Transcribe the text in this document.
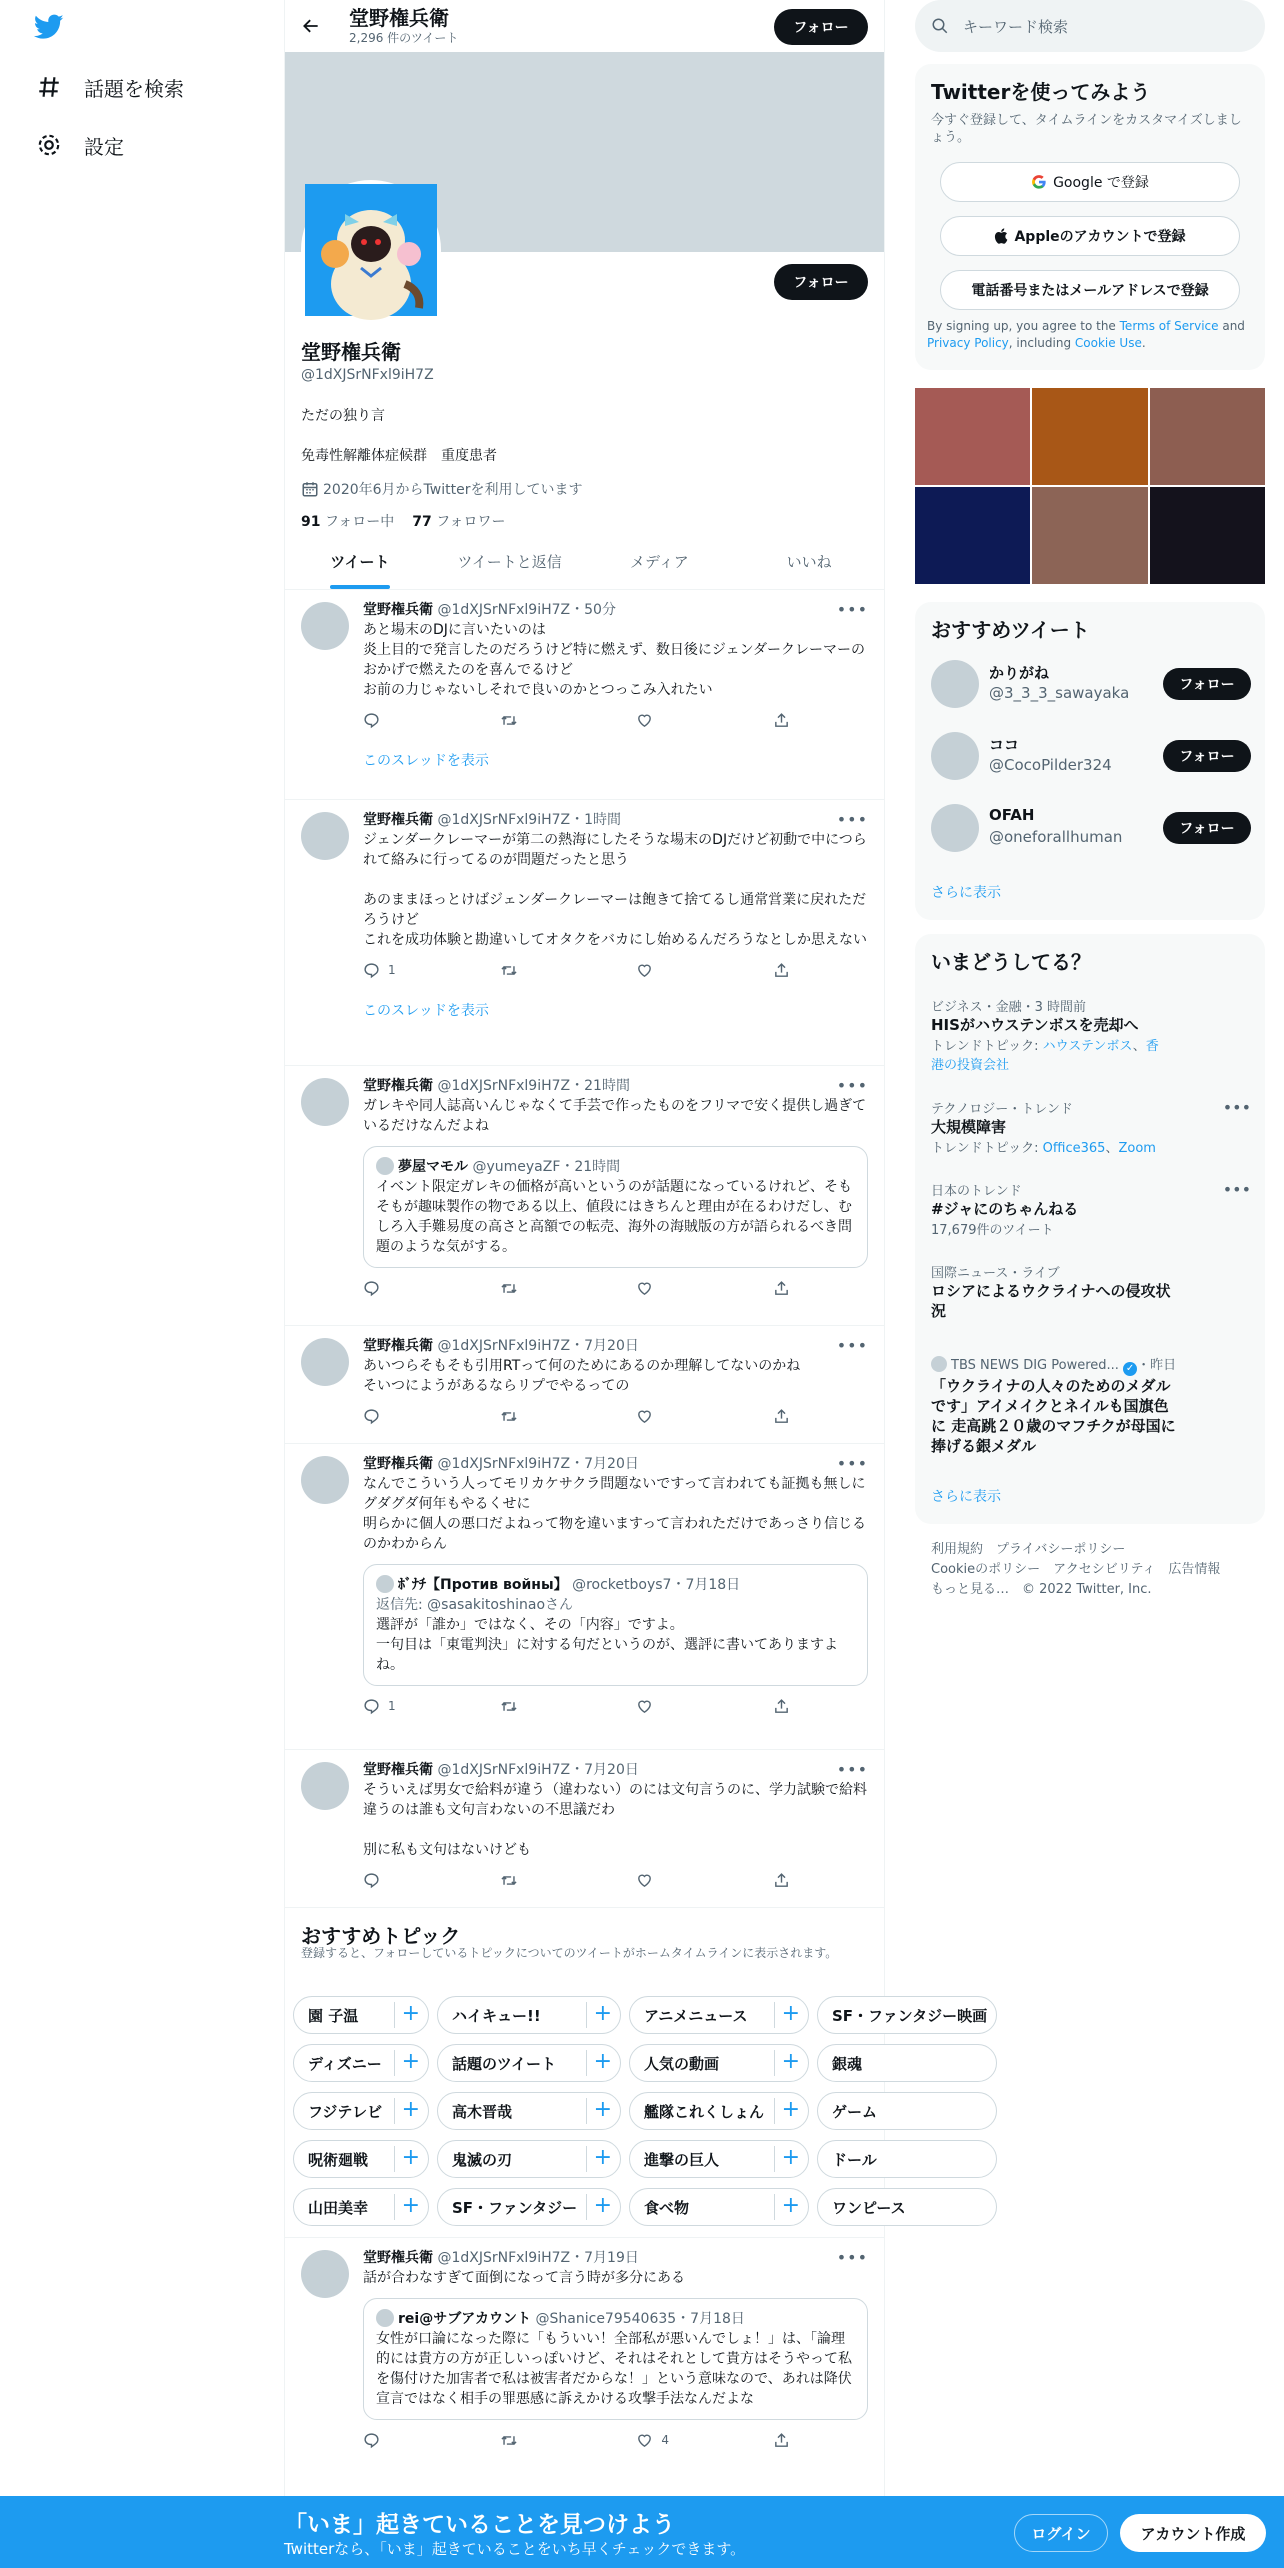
話題を検索
設定
堂野権兵衛
2,296 件のツイート
フォロー
フォロー
堂野権兵衛
@1dXJSrNFxl9iH7Z
ただの独り言
免毒性解離体症候群　重度患者
2020年6月からTwitterを利用しています
91 フォロー中 77 フォロワー
ツイート	ツイートと返信	メディア	いいね
•••
堂野権兵衛 @1dXJSrNFxl9iH7Z・50分
あと場末のDJに言いたいのは
炎上目的で発言したのだろうけど特に燃えず、数日後にジェンダークレーマーのおかげで燃えたのを喜んでるけど
お前の力じゃないしそれで良いのかとつっこみ入れたい
このスレッドを表示
•••
堂野権兵衛 @1dXJSrNFxl9iH7Z・1時間
ジェンダークレーマーが第二の熱海にしたそうな場末のDJだけど初動で中につられて絡みに行ってるのが問題だったと思う

あのままほっとけばジェンダークレーマーは飽きて捨てるし通常営業に戻れただろうけど
これを成功体験と勘違いしてオタクをバカにし始めるんだろうなとしか思えない
1
このスレッドを表示
•••
堂野権兵衛 @1dXJSrNFxl9iH7Z・21時間
ガレキや同人誌高いんじゃなくて手芸で作ったものをフリマで安く提供し過ぎているだけなんだよね
夢屋マモル @yumeyaZF・21時間
イベント限定ガレキの価格が高いというのが話題になっているけれど、そもそもが趣味製作の物である以上、値段にはきちんと理由が在るわけだし、むしろ入手難易度の高さと高額での転売、海外の海賊版の方が語られるべき問題のような気がする。
•••
堂野権兵衛 @1dXJSrNFxl9iH7Z・7月20日
あいつらそもそも引用RTって何のためにあるのか理解してないのかね
そいつにようがあるならリプでやるっての
•••
堂野権兵衛 @1dXJSrNFxl9iH7Z・7月20日
なんでこういう人ってモリカケサクラ問題ないですって言われても証拠も無しにグダグダ何年もやるくせに
明らかに個人の悪口だよねって物を違いますって言われただけであっさり信じるのかわからん
ﾎﾞﾅﾁ【Против войны】 @rocketboys7・7月18日
返信先: @sasakitoshinaoさん
選評が「誰か」ではなく、その「内容」ですよ。
一句目は「東電判決」に対する句だというのが、選評に書いてありますよね。
1
•••
堂野権兵衛 @1dXJSrNFxl9iH7Z・7月20日
そういえば男女で給料が違う（違わない）のには文句言うのに、学力試験で給料違うのは誰も文句言わないの不思議だわ

別に私も文句はないけども
おすすめトピック
登録すると、フォローしているトピックについてのツイートがホームタイムラインに表示されます。
園 子温	+ ハイキュー!!	+ アニメニュース	+ SF・ファンタジー映画
ディズニー + 話題のツイート	+ 人気の動画	+ 銀魂
フジテレビ + 高木晋哉	+ 艦隊これくしょん + ゲーム
呪術廻戦	+ 鬼滅の刃	+ 進撃の巨人	+ ドール
山田美幸	+ SF・ファンタジー + 食べ物	+ ワンピース
•••
堂野権兵衛 @1dXJSrNFxl9iH7Z・7月19日
話が合わなすぎて面倒になって言う時が多分にある
rei@サブアカウント @Shanice79540635・7月18日
女性が口論になった際に「もういい！全部私が悪いんでしょ！」は、「論理的には貴方の方が正しいっぽいけど、それはそれとして貴方はそうやって私を傷付けた加害者で私は被害者だからな！」という意味なので、あれは降伏宣言ではなく相手の罪悪感に訴えかける攻撃手法なんだよな
4
キーワード検索
Twitterを使ってみよう
今すぐ登録して、タイムラインをカスタマイズしましょう。
Google で登録
Appleのアカウントで登録
電話番号またはメールアドレスで登録
By signing up, you agree to the Terms of Service and Privacy Policy, including Cookie Use.
おすすめツイート
かりがね
@3_3_3_sawayaka	フォロー
ココ
@CocoPilder324	フォロー
OFAH
@oneforallhuman	フォロー
さらに表示
いまどうしてる？
ビジネス・金融・3 時間前
HISがハウステンボスを売却へ
トレンドトピック: ハウステンボス、香港の投資会社
•••
テクノロジー・トレンド
大規模障害
トレンドトピック: Office365、Zoom
•••
日本のトレンド
#ジャにのちゃんねる
17,679件のツイート
国際ニュース・ライブ
ロシアによるウクライナへの侵攻状況
TBS NEWS DIG Powered... ✓ ・昨日
「ウクライナの人々のためのメダルです」アイメイクとネイルも国旗色に 走高跳２０歳のマフチクが母国に捧げる銀メダル
さらに表示
利用規約　プライバシーポリシー
Cookieのポリシー　アクセシビリティ　広告情報
もっと見る…　© 2022 Twitter, Inc.
「いま」起きていることを見つけよう
Twitterなら、「いま」起きていることをいち早くチェックできます。
ログイン	アカウント作成
